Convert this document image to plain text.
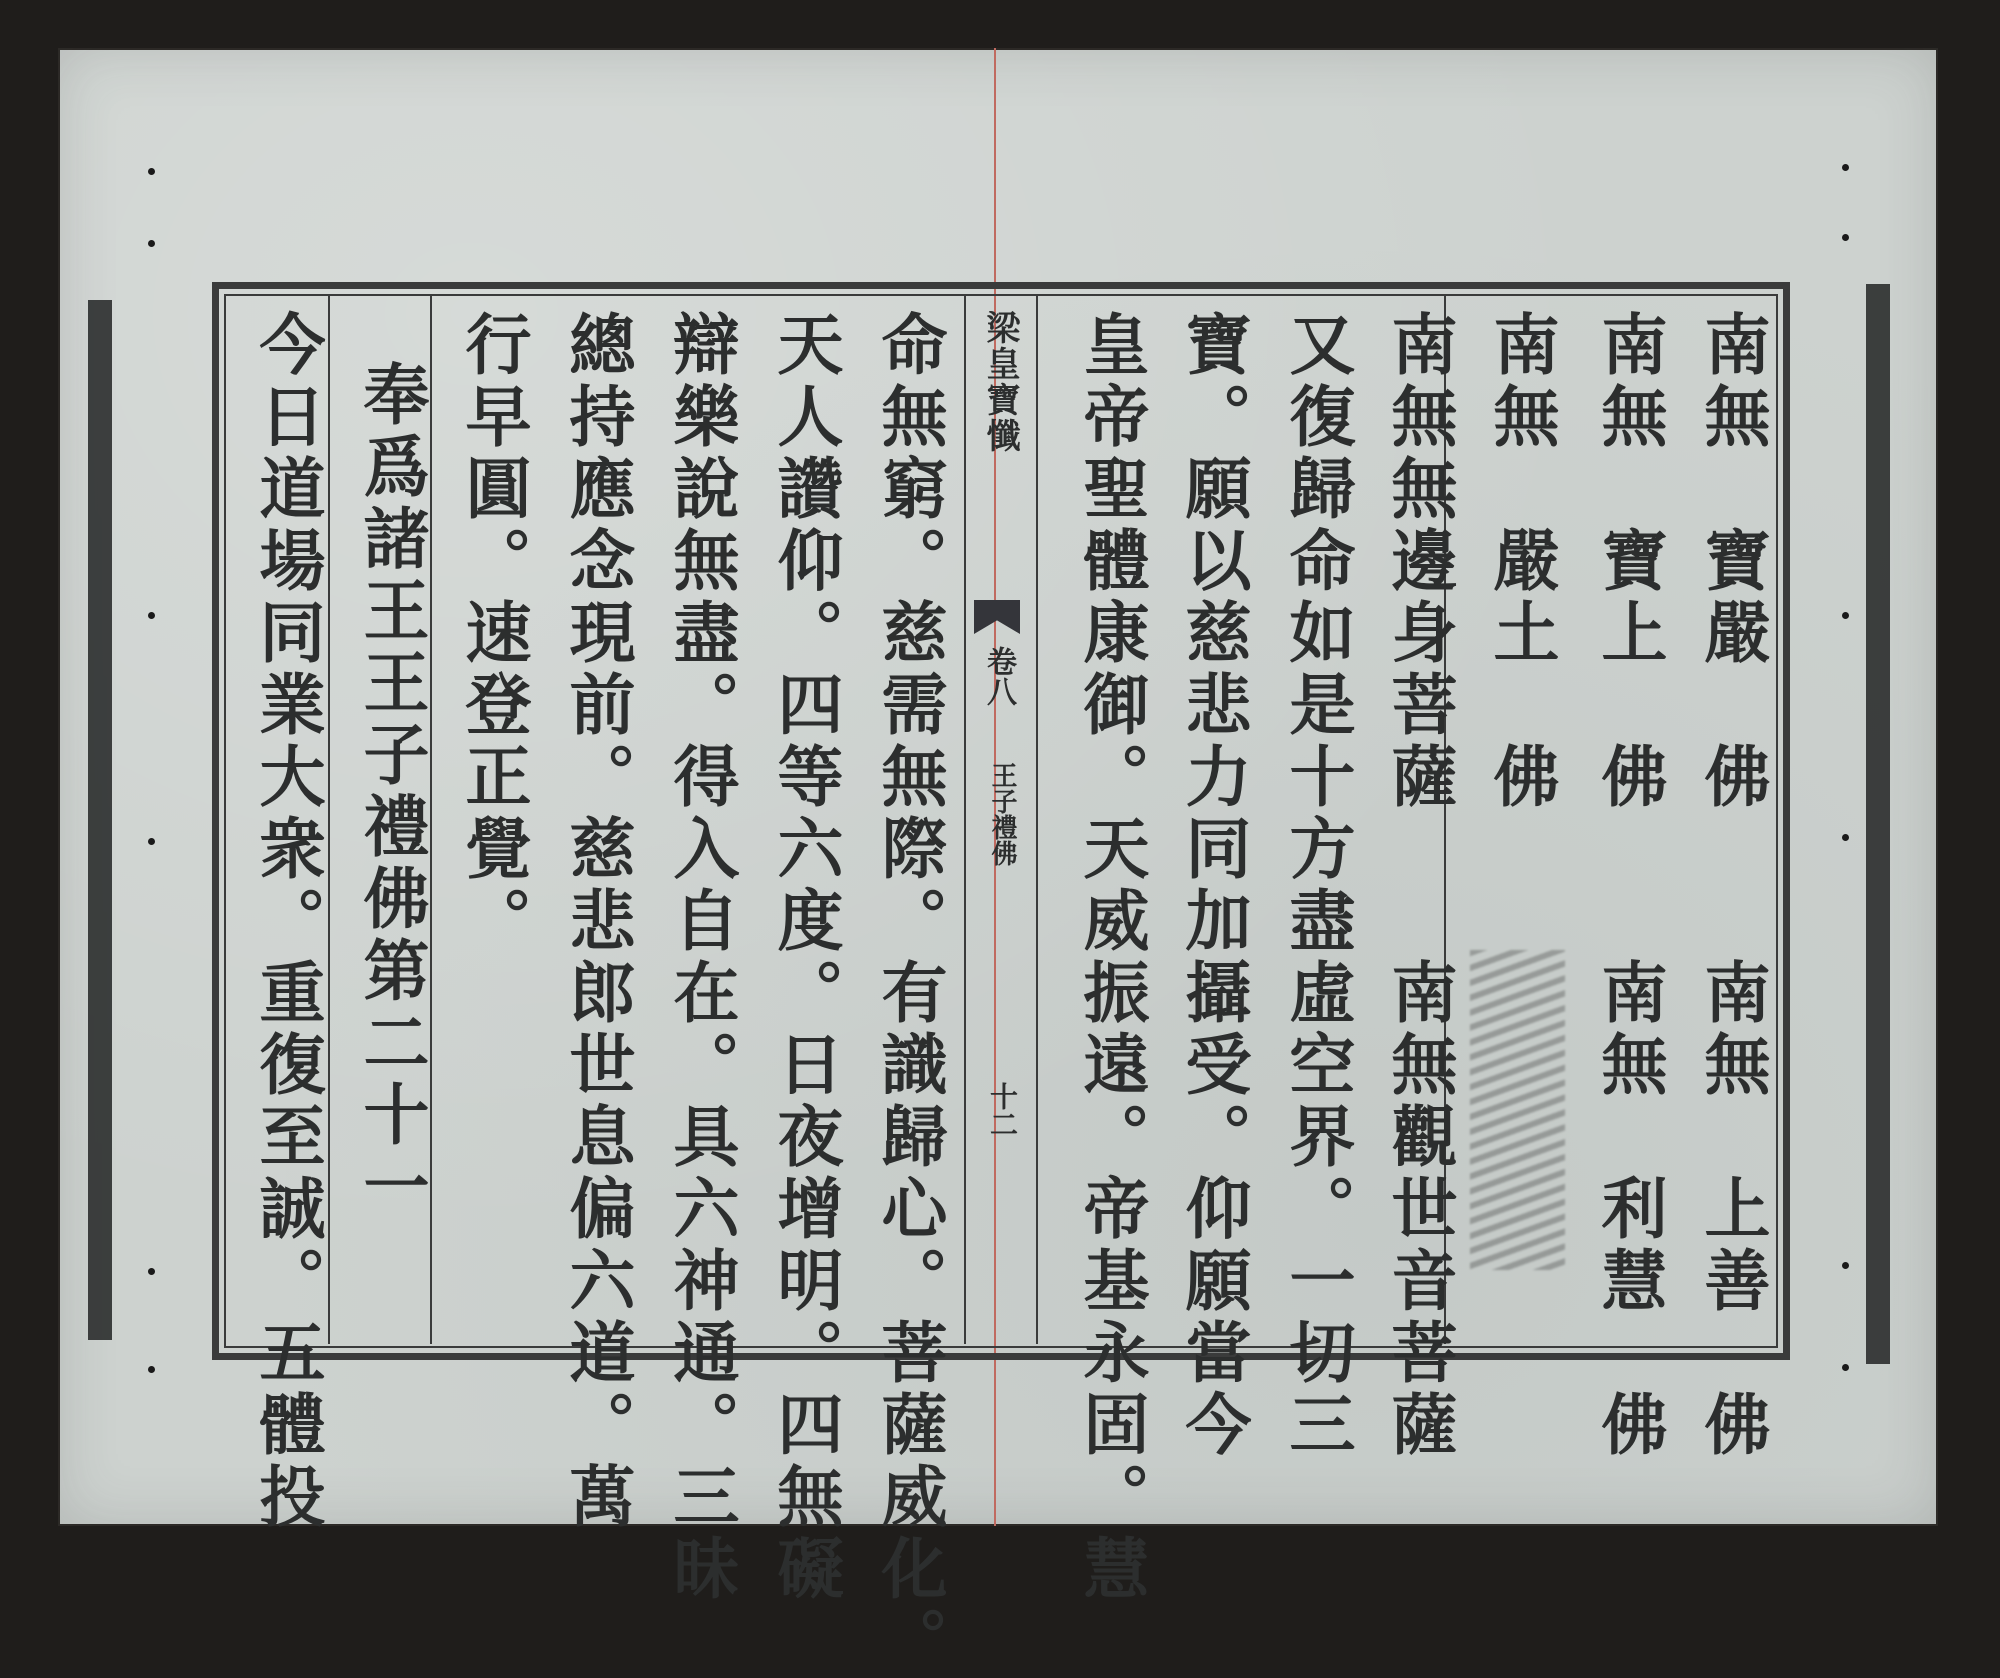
梁皇寶懺
卷八
王子禮佛
十二	南無　寶嚴　佛　　南無　上善　佛
南無　寶上　佛　　南無　利慧　佛
南無　嚴土　佛
南無無邊身菩薩　　南無觀世音菩薩
又復歸命如是十方盡虛空界。一切三
寶。願以慈悲力同加攝受。仰願當今
皇帝聖體康御。天威振遠。帝基永固。慧
命無窮。慈需無際。有識歸心。菩薩威化。
天人讚仰。四等六度。日夜增明。四無礙
辯樂說無盡。得入自在。具六神通。三昧
總持應念現前。慈悲郎世息偏六道。萬
行早圓。速登正覺。
奉爲諸王王子禮佛第二十一
今日道場同業大衆。重復至誠。五體投
